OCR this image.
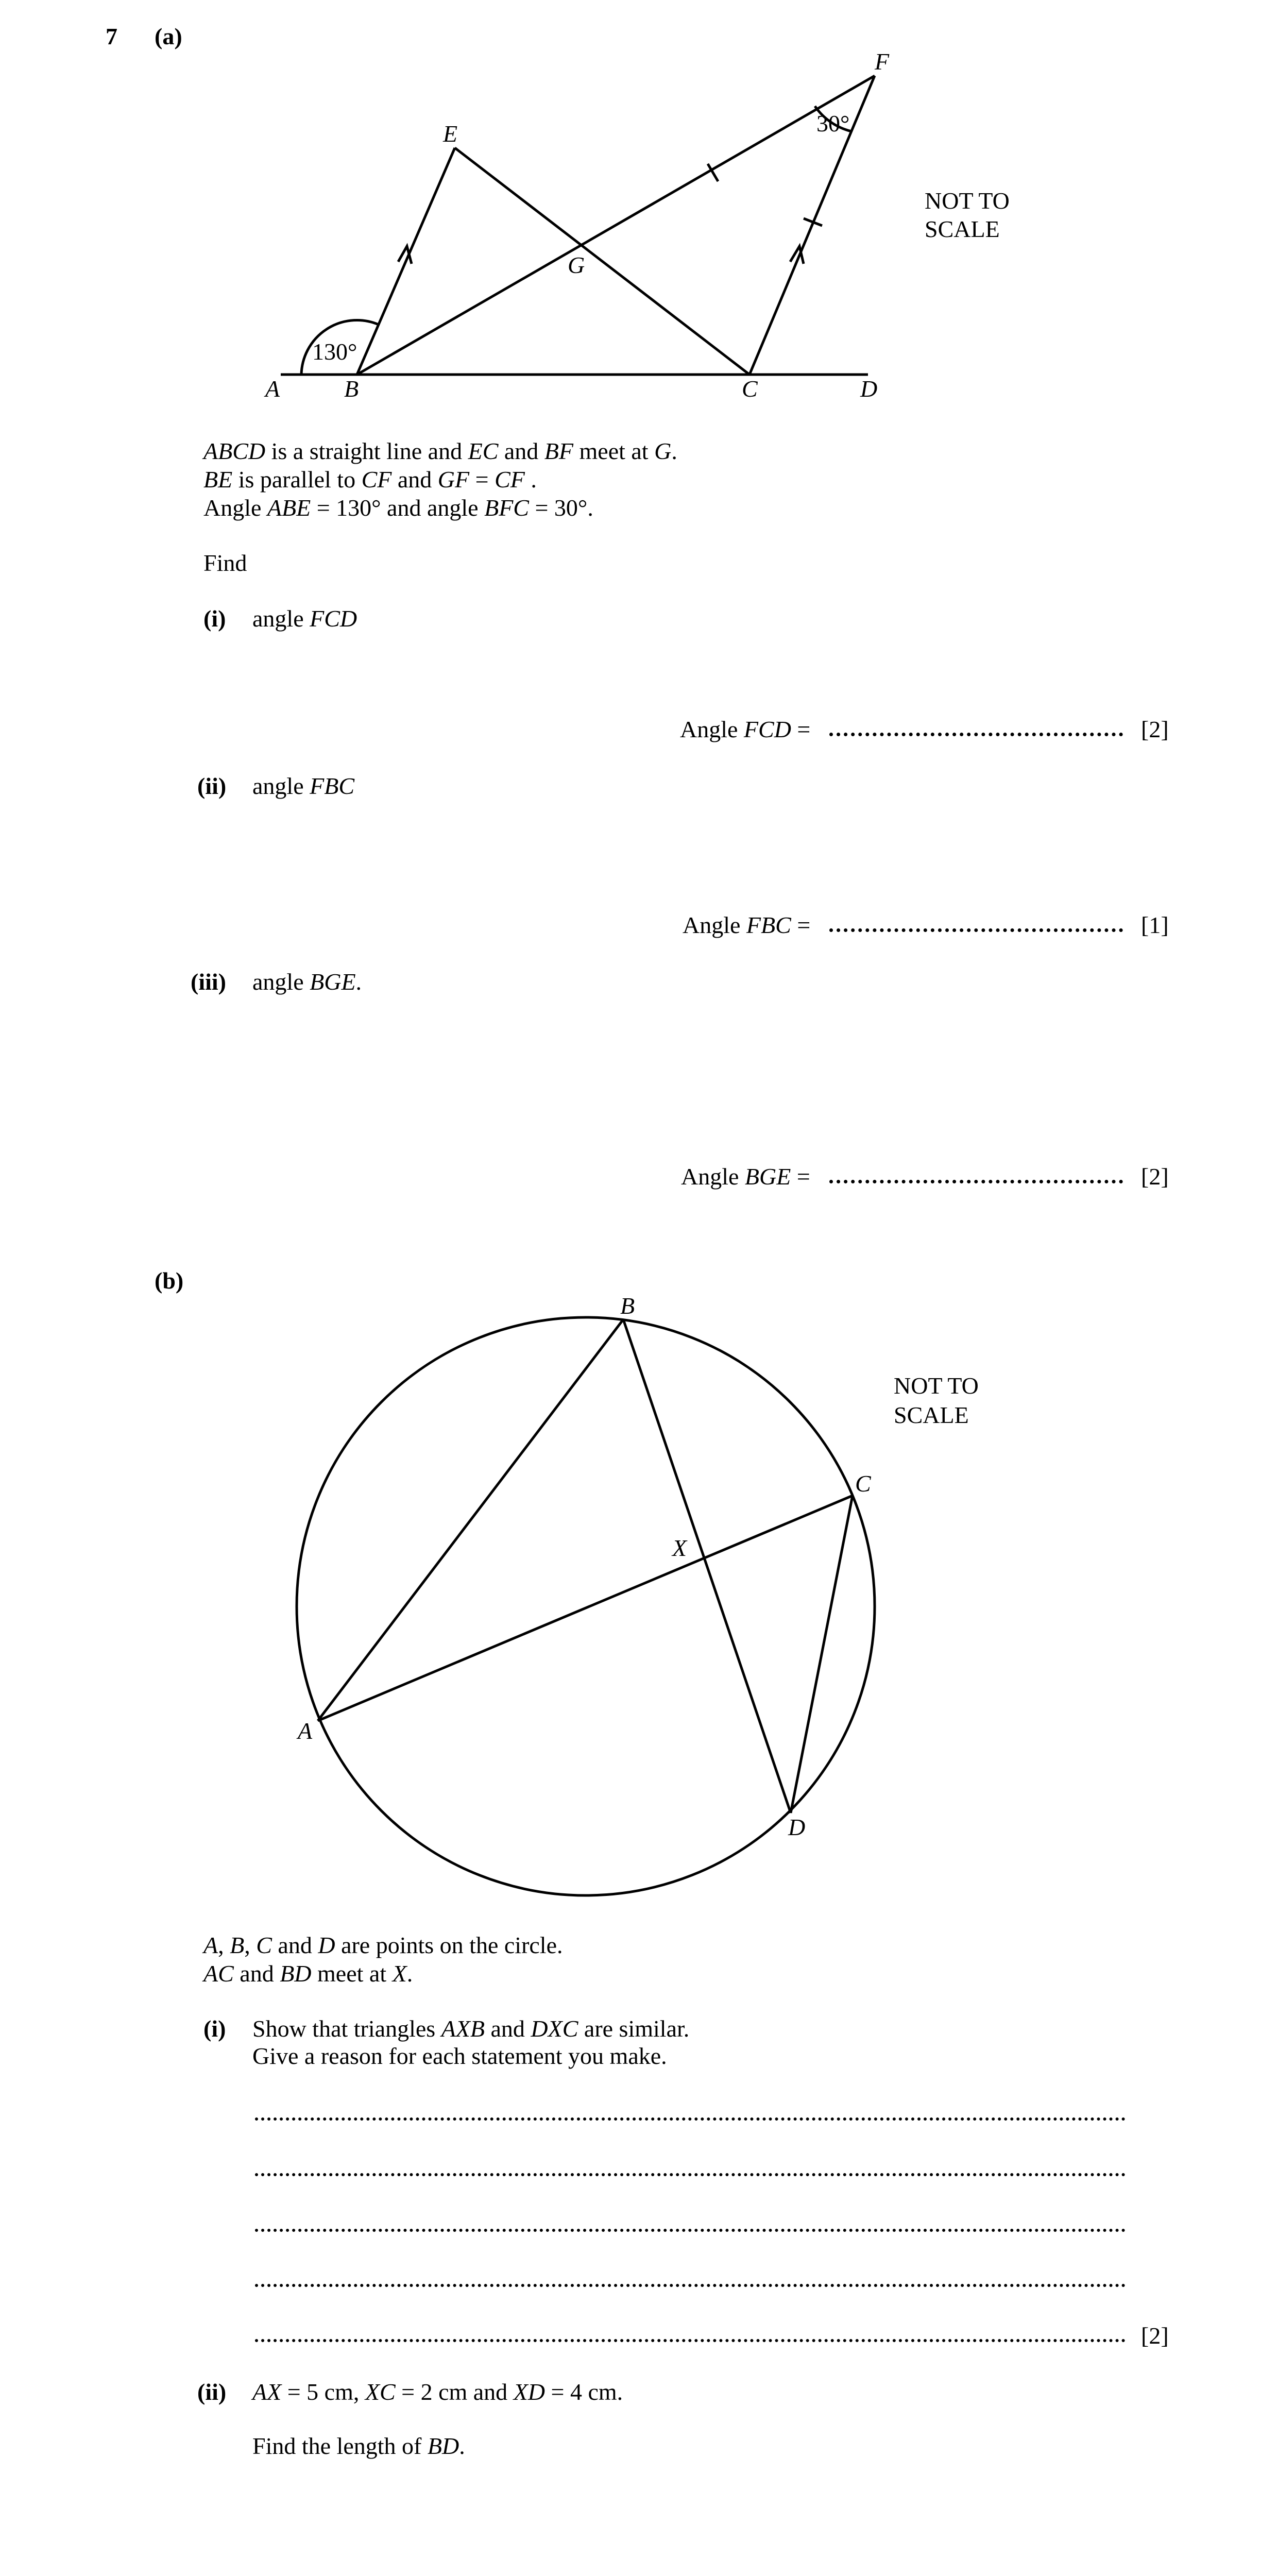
7 (a)
A	B	C	D
E
F
G
130°
30°
NOT TO
SCALE
ABCD is a straight line and EC and BF meet at G.
BE is parallel to CF and GF = CF .
Angle ABE = 130° and angle BFC = 30°.
Find
(i) angle FCD
Angle FCD =	[2]
(ii) angle FBC
Angle FBC =	[1]
(iii) angle BGE.
Angle BGE =	[2]
(b)
B
C
A
D
X
NOT TO
SCALE
A, B, C and D are points on the circle.
AC and BD meet at X.
(i) Show that triangles AXB and DXC are similar.
Give a reason for each statement you make.
[2]
(ii) AX = 5 cm, XC = 2 cm and XD = 4 cm.
Find the length of BD.
